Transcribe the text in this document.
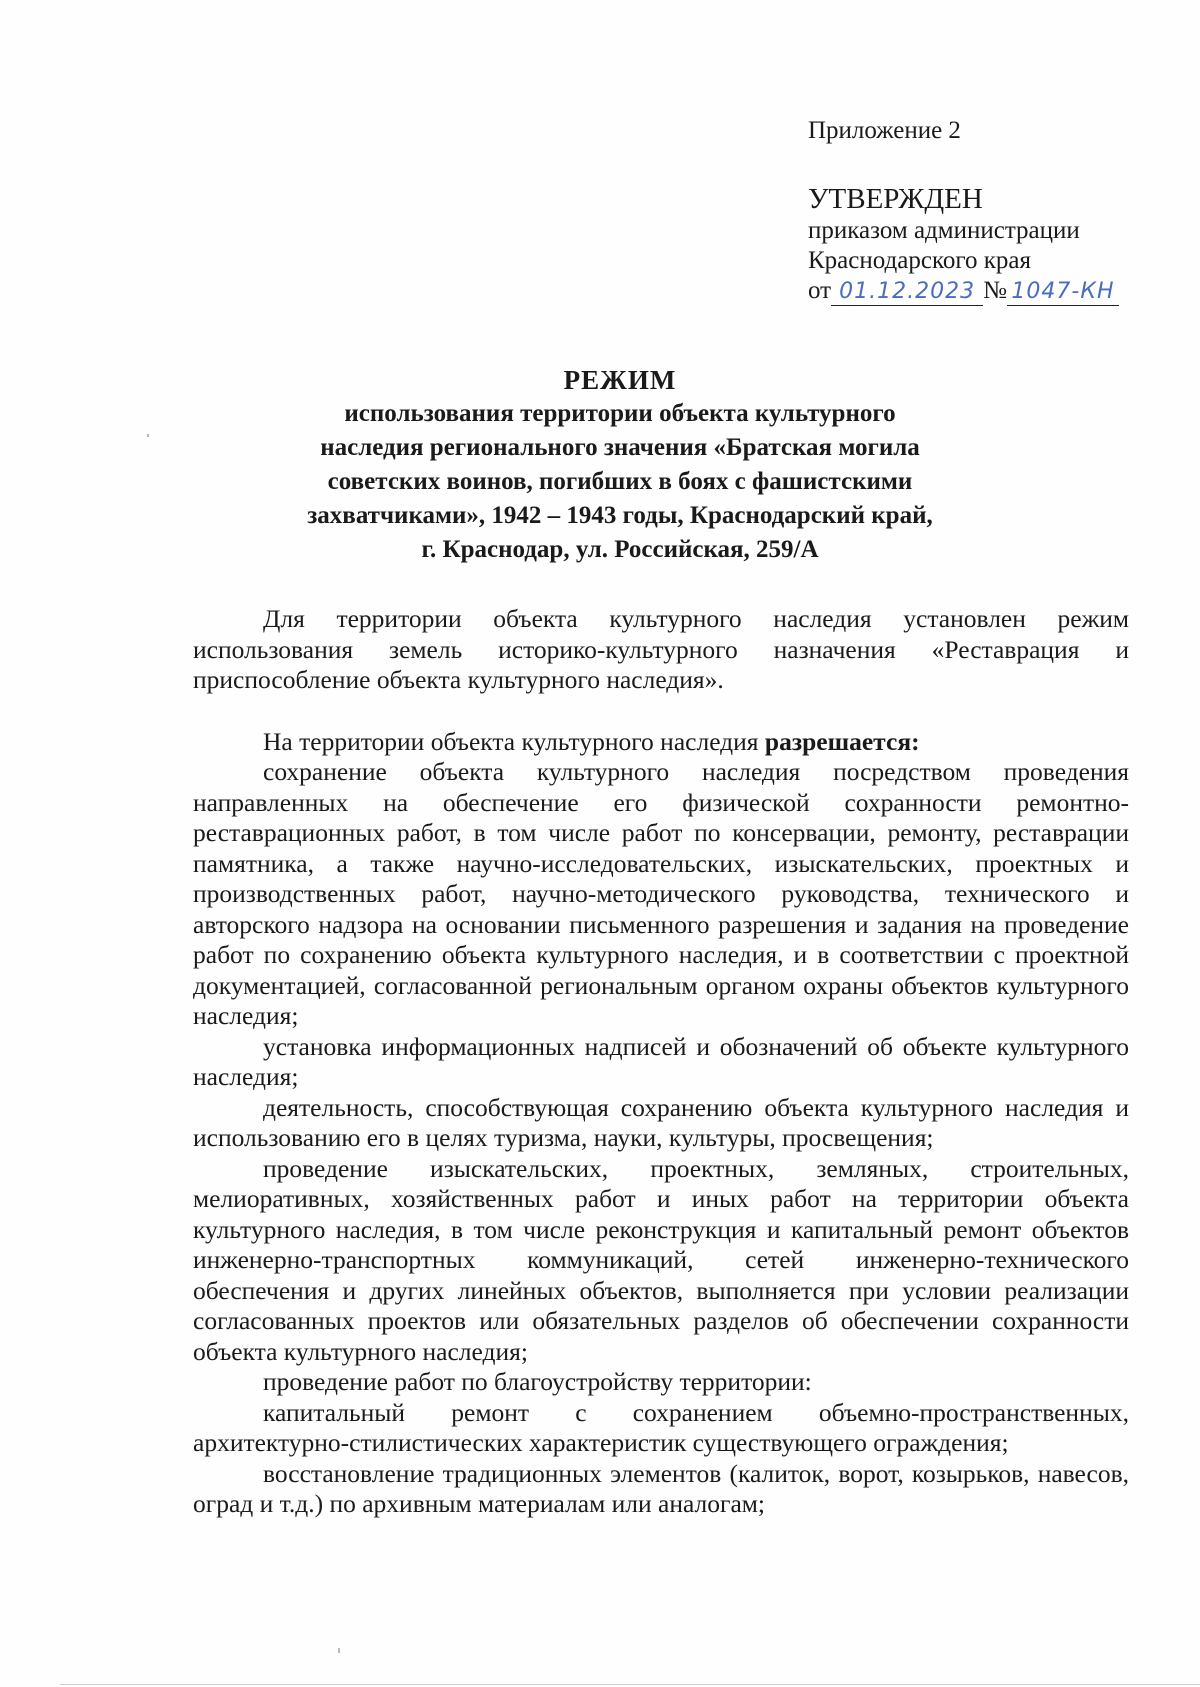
Приложение 2
УТВЕРЖДЕН
приказом администрации
Краснодарского края
от 01.12.2023 № 1047-КН
РЕЖИМ
использования территории объекта культурного
наследия регионального значения «Братская могила
советских воинов, погибших в боях с фашистскими
захватчиками», 1942 – 1943 годы, Краснодарский край,
г. Краснодар, ул. Российская, 259/А

Для территории объекта культурного наследия установлен режим использования земель историко-культурного назначения «Реставрация и приспособление объекта культурного наследия».

На территории объекта культурного наследия разрешается:

сохранение объекта культурного наследия посредством проведения направленных на обеспечение его физической сохранности ремонтно-реставрационных работ, в том числе работ по консервации, ремонту, реставрации памятника, а также научно-исследовательских, изыскательских, проектных и производственных работ, научно-методического руководства, технического и авторского надзора на основании письменного разрешения и задания на проведение работ по сохранению объекта культурного наследия, и в соответствии с проектной документацией, согласованной региональным органом охраны объектов культурного наследия;

установка информационных надписей и обозначений об объекте культурного наследия;

деятельность, способствующая сохранению объекта культурного наследия и использованию его в целях туризма, науки, культуры, просвещения;

проведение изыскательских, проектных, земляных, строительных, мелиоративных, хозяйственных работ и иных работ на территории объекта культурного наследия, в том числе реконструкция и капитальный ремонт объектов инженерно-транспортных коммуникаций, сетей инженерно-технического обеспечения и других линейных объектов, выполняется при условии реализации согласованных проектов или обязательных разделов об обеспечении сохранности объекта культурного наследия;

проведение работ по благоустройству территории:

капитальный ремонт с сохранением объемно-пространственных, архитектурно-стилистических характеристик существующего ограждения;

восстановление традиционных элементов (калиток, ворот, козырьков, навесов, оград и т.д.) по архивным материалам или аналогам;
